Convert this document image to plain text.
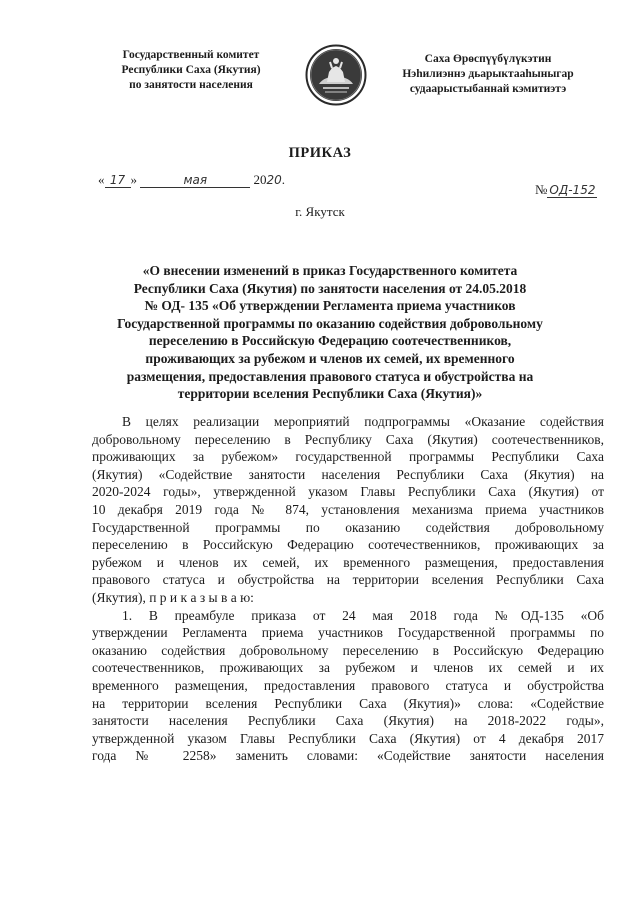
Государственный комитет
Республики Саха (Якутия)
по занятости населения
Саха Өрөспүүбүлүкэтин
Нэһилиэннэ дьарыктааһыныгар
судаарыстыбаннай кэмитиэтэ
ПРИКАЗ
« 17 »	мая	2020.
№ ОД-152
г. Якутск
«О внесении изменений в приказ Государственного комитета
Республики Саха (Якутия) по занятости населения от 24.05.2018
№ ОД- 135 «Об утверждении Регламента приема участников
Государственной программы по оказанию содействия добровольному
переселению в Российскую Федерацию соотечественников,
проживающих за рубежом и членов их семей, их временного
размещения, предоставления правового статуса и обустройства на
территории вселения Республики Саха (Якутия)»
В целях реализации мероприятий подпрограммы «Оказание содействия
добровольному переселению в Республику Саха (Якутия) соотечественников,
проживающих за рубежом» государственной программы Республики Саха
(Якутия) «Содействие занятости населения Республики Саха (Якутия) на
2020-2024 годы», утвержденной указом Главы Республики Саха (Якутия) от
10 декабря 2019 года № 874, установления механизма приема участников
Государственной программы по оказанию содействия добровольному
переселению в Российскую Федерацию соотечественников, проживающих за
рубежом и членов их семей, их временного размещения, предоставления
правового статуса и обустройства на территории вселения Республики Саха
(Якутия), п р и к а з ы в а ю:
1. В преамбуле приказа от 24 мая 2018 года №ОД-135 «Об
утверждении Регламента приема участников Государственной программы по
оказанию содействия добровольному переселению в Российскую Федерацию
соотечественников, проживающих за рубежом и членов их семей и их
временного размещения, предоставления правового статуса и обустройства
на территории вселения Республики Саха (Якутия)» слова: «Содействие
занятости населения Республики Саха (Якутия) на 2018-2022 годы»,
утвержденной указом Главы Республики Саха (Якутия) от 4 декабря 2017
года № 2258» заменить словами: «Содействие занятости населения
